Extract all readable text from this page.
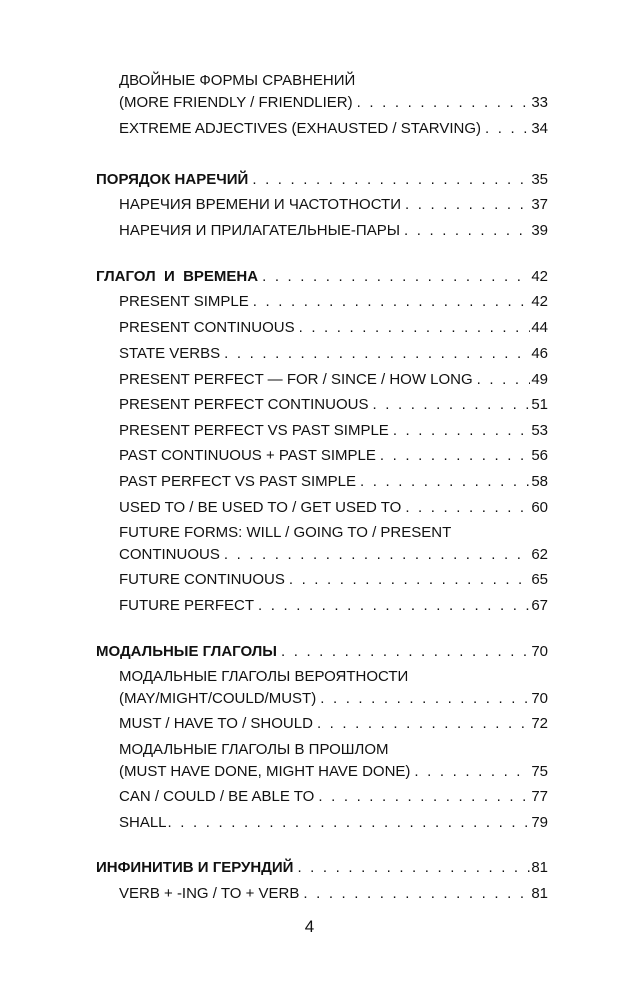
ДВОЙНЫЕ ФОРМЫ СРАВНЕНИЙ
(MORE FRIENDLY / FRIENDLIER) . . .	33
EXTREME ADJECTIVES (EXHAUSTED / STARVING) . . .	34
ПОРЯДОК НАРЕЧИЙ . . .	35
НАРЕЧИЯ ВРЕМЕНИ И ЧАСТОТНОСТИ . . .	37
НАРЕЧИЯ И ПРИЛАГАТЕЛЬНЫЕ-ПАРЫ . . .	39
ГЛАГОЛ  И  ВРЕМЕНА . . .	42
PRESENT SIMPLE . . .	42
PRESENT CONTINUOUS . . .	44
STATE VERBS . . .	46
PRESENT PERFECT — FOR / SINCE / HOW LONG . . .	49
PRESENT PERFECT CONTINUOUS . . .	51
PRESENT PERFECT VS PAST SIMPLE . . .	53
PAST CONTINUOUS + PAST SIMPLE . . .	56
PAST PERFECT VS PAST SIMPLE . . .	58
USED TO / BE USED TO / GET USED TO . . .	60
FUTURE FORMS: WILL / GOING TO / PRESENT
CONTINUOUS . . .	62
FUTURE CONTINUOUS . . .	65
FUTURE PERFECT . . .	67
МОДАЛЬНЫЕ ГЛАГОЛЫ . . .	70
МОДАЛЬНЫЕ ГЛАГОЛЫ ВЕРОЯТНОСТИ
(MAY/MIGHT/COULD/MUST) . . .	70
MUST / HAVE TO / SHOULD . . .	72
МОДАЛЬНЫЕ ГЛАГОЛЫ В ПРОШЛОМ
(MUST HAVE DONE, MIGHT HAVE DONE) . . .	75
CAN / COULD / BE ABLE TO . . .	77
SHALL . . .	79
ИНФИНИТИВ И ГЕРУНДИЙ . . .	81
VERB + -ING / TO + VERB . . .	81
4
